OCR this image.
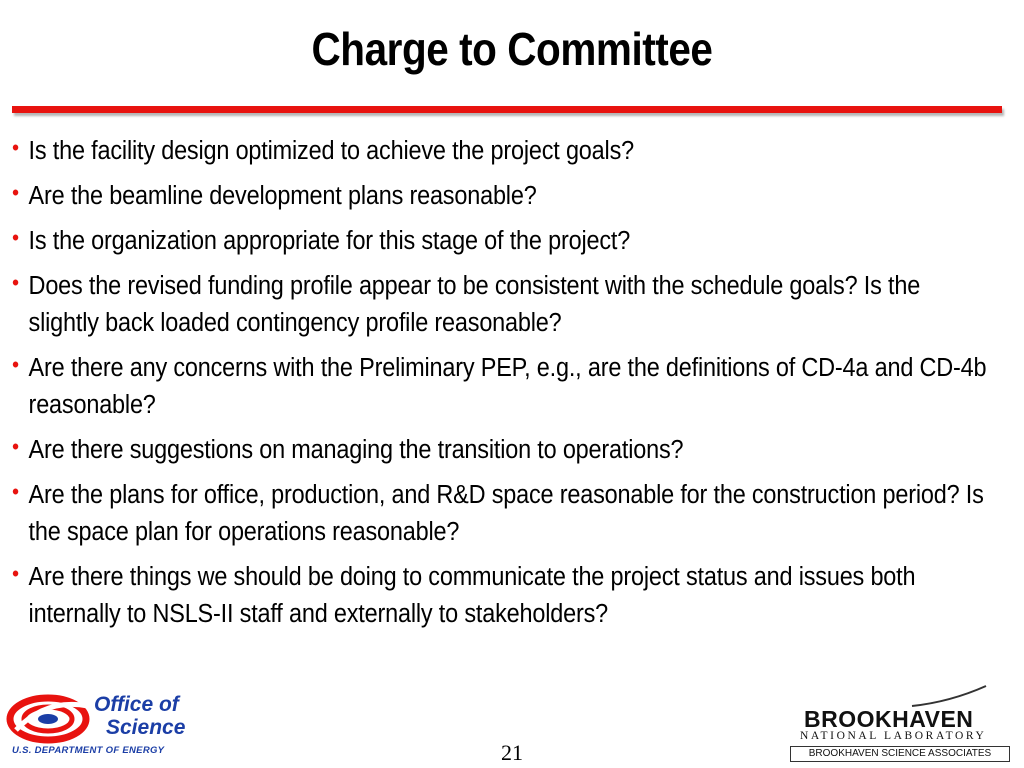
Charge to Committee
• Is the facility design optimized to achieve the project goals?
• Are the beamline development plans reasonable?
• Is the organization appropriate for this stage of the project?
• Does the revised funding profile appear to be consistent with the schedule goals? Is the slightly back loaded contingency profile reasonable?
• Are there any concerns with the Preliminary PEP, e.g., are the definitions of CD-4a and CD-4b reasonable?
• Are there suggestions on managing the transition to operations?
• Are the plans for office, production, and R&D space reasonable for the construction period? Is the space plan for operations reasonable?
• Are there things we should be doing to communicate the project status and issues both internally to NSLS-II staff and externally to stakeholders?
Office of
Science
U.S. DEPARTMENT OF ENERGY	21
BROOKHAVEN
NATIONAL LABORATORY
BROOKHAVEN SCIENCE ASSOCIATES
